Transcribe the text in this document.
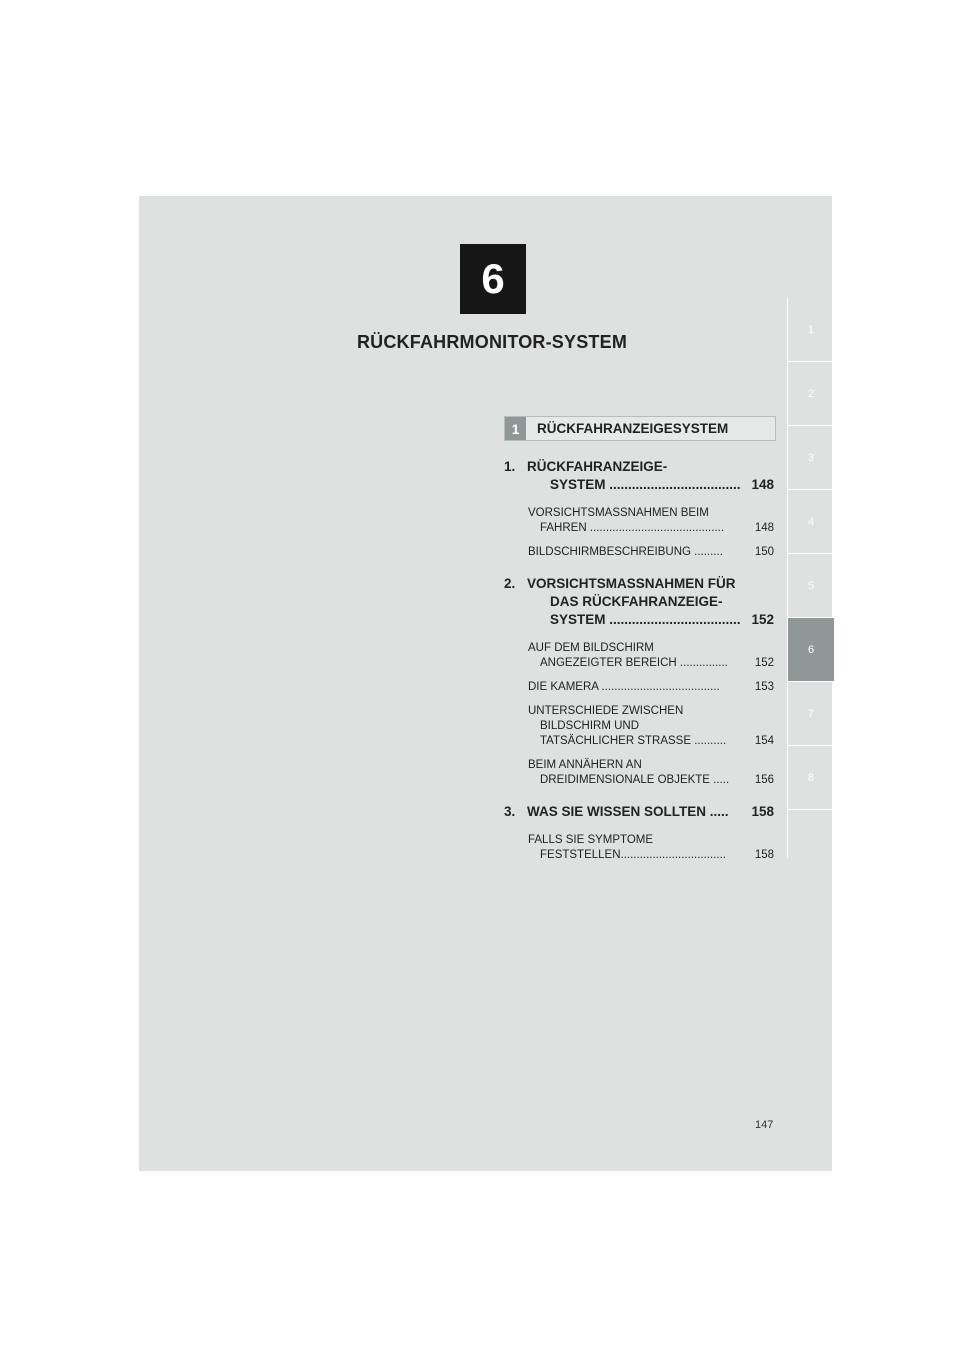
6
RÜCKFAHRMONITOR-SYSTEM
1
2
3
4
5
6
7
8
1	RÜCKFAHRANZEIGESYSTEM
1. RÜCKFAHRANZEIGE-
SYSTEM ................................... 148
VORSICHTSMASSNAHMEN BEIM
FAHREN ..........................................	148
BILDSCHIRMBESCHREIBUNG .........	150
2. VORSICHTSMASSNAHMEN FÜR
DAS RÜCKFAHRANZEIGE-
SYSTEM ................................... 152
AUF DEM BILDSCHIRM
ANGEZEIGTER BEREICH ...............	152
DIE KAMERA .....................................	153
UNTERSCHIEDE ZWISCHEN
BILDSCHIRM UND
TATSÄCHLICHER STRASSE ..........	154
BEIM ANNÄHERN AN
DREIDIMENSIONALE OBJEKTE .....	156
3. WAS SIE WISSEN SOLLTEN .....	158
FALLS SIE SYMPTOME
FESTSTELLEN.................................	158
147
